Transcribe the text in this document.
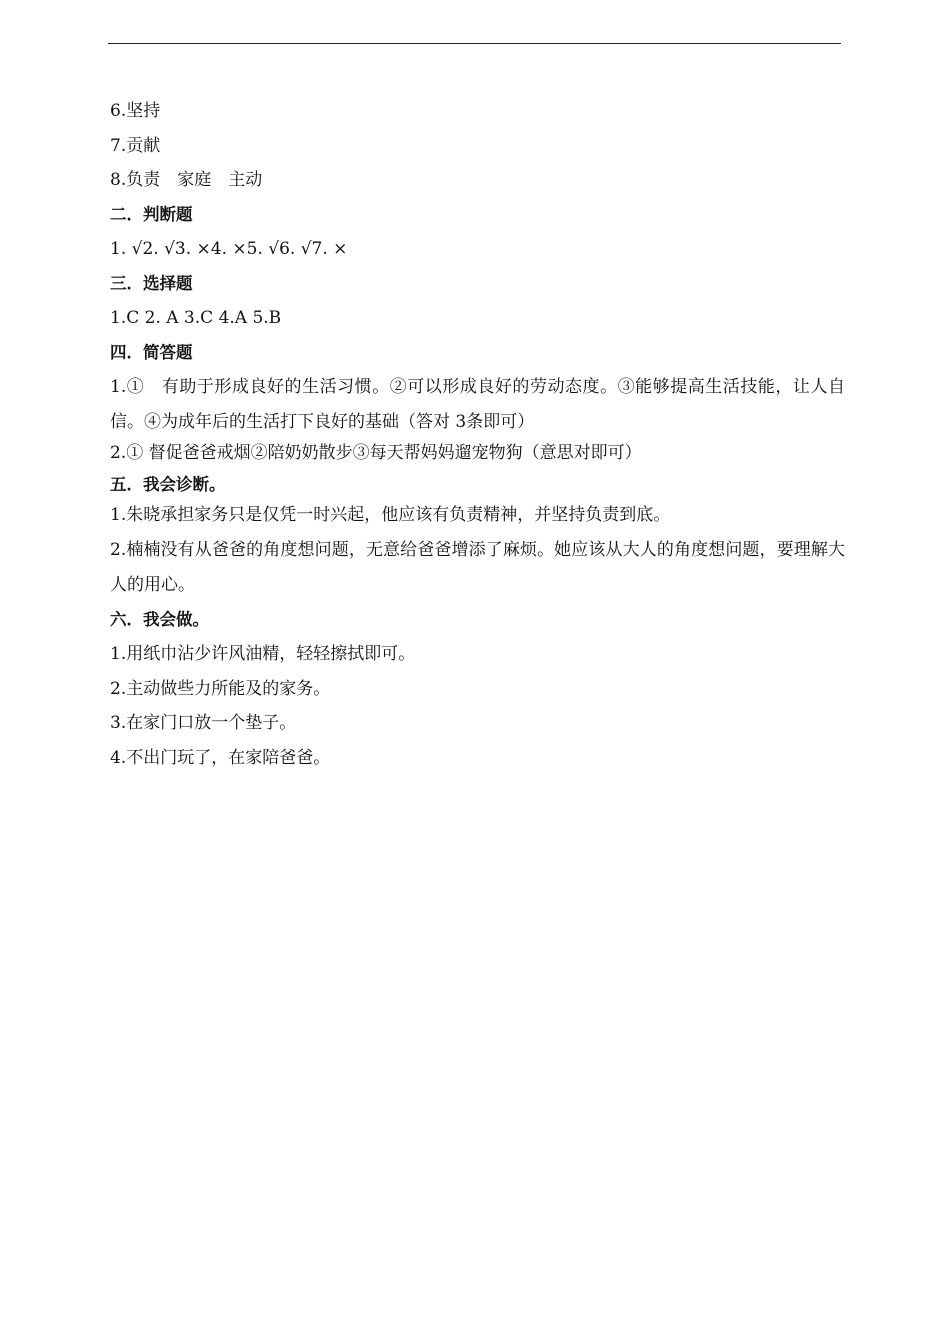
6.坚持
7.贡献
8.负责　家庭　主动
二．判断题
1. √2. √3. ×4. ×5. √6. √7. ×
三．选择题
1.C 2. A 3.C 4.A 5.B
四．简答题
1.①　有助于形成良好的生活习惯。②可以形成良好的劳动态度。③能够提高生活技能，让人自信。④为成年后的生活打下良好的基础（答对 3条即可）
2.① 督促爸爸戒烟②陪奶奶散步③每天帮妈妈遛宠物狗（意思对即可）
五．我会诊断。
1.朱晓承担家务只是仅凭一时兴起，他应该有负责精神，并坚持负责到底。
2.楠楠没有从爸爸的角度想问题，无意给爸爸增添了麻烦。她应该从大人的角度想问题，要理解大人的用心。
六．我会做。
1.用纸巾沾少许风油精，轻轻擦拭即可。
2.主动做些力所能及的家务。
3.在家门口放一个垫子。
4.不出门玩了，在家陪爸爸。
